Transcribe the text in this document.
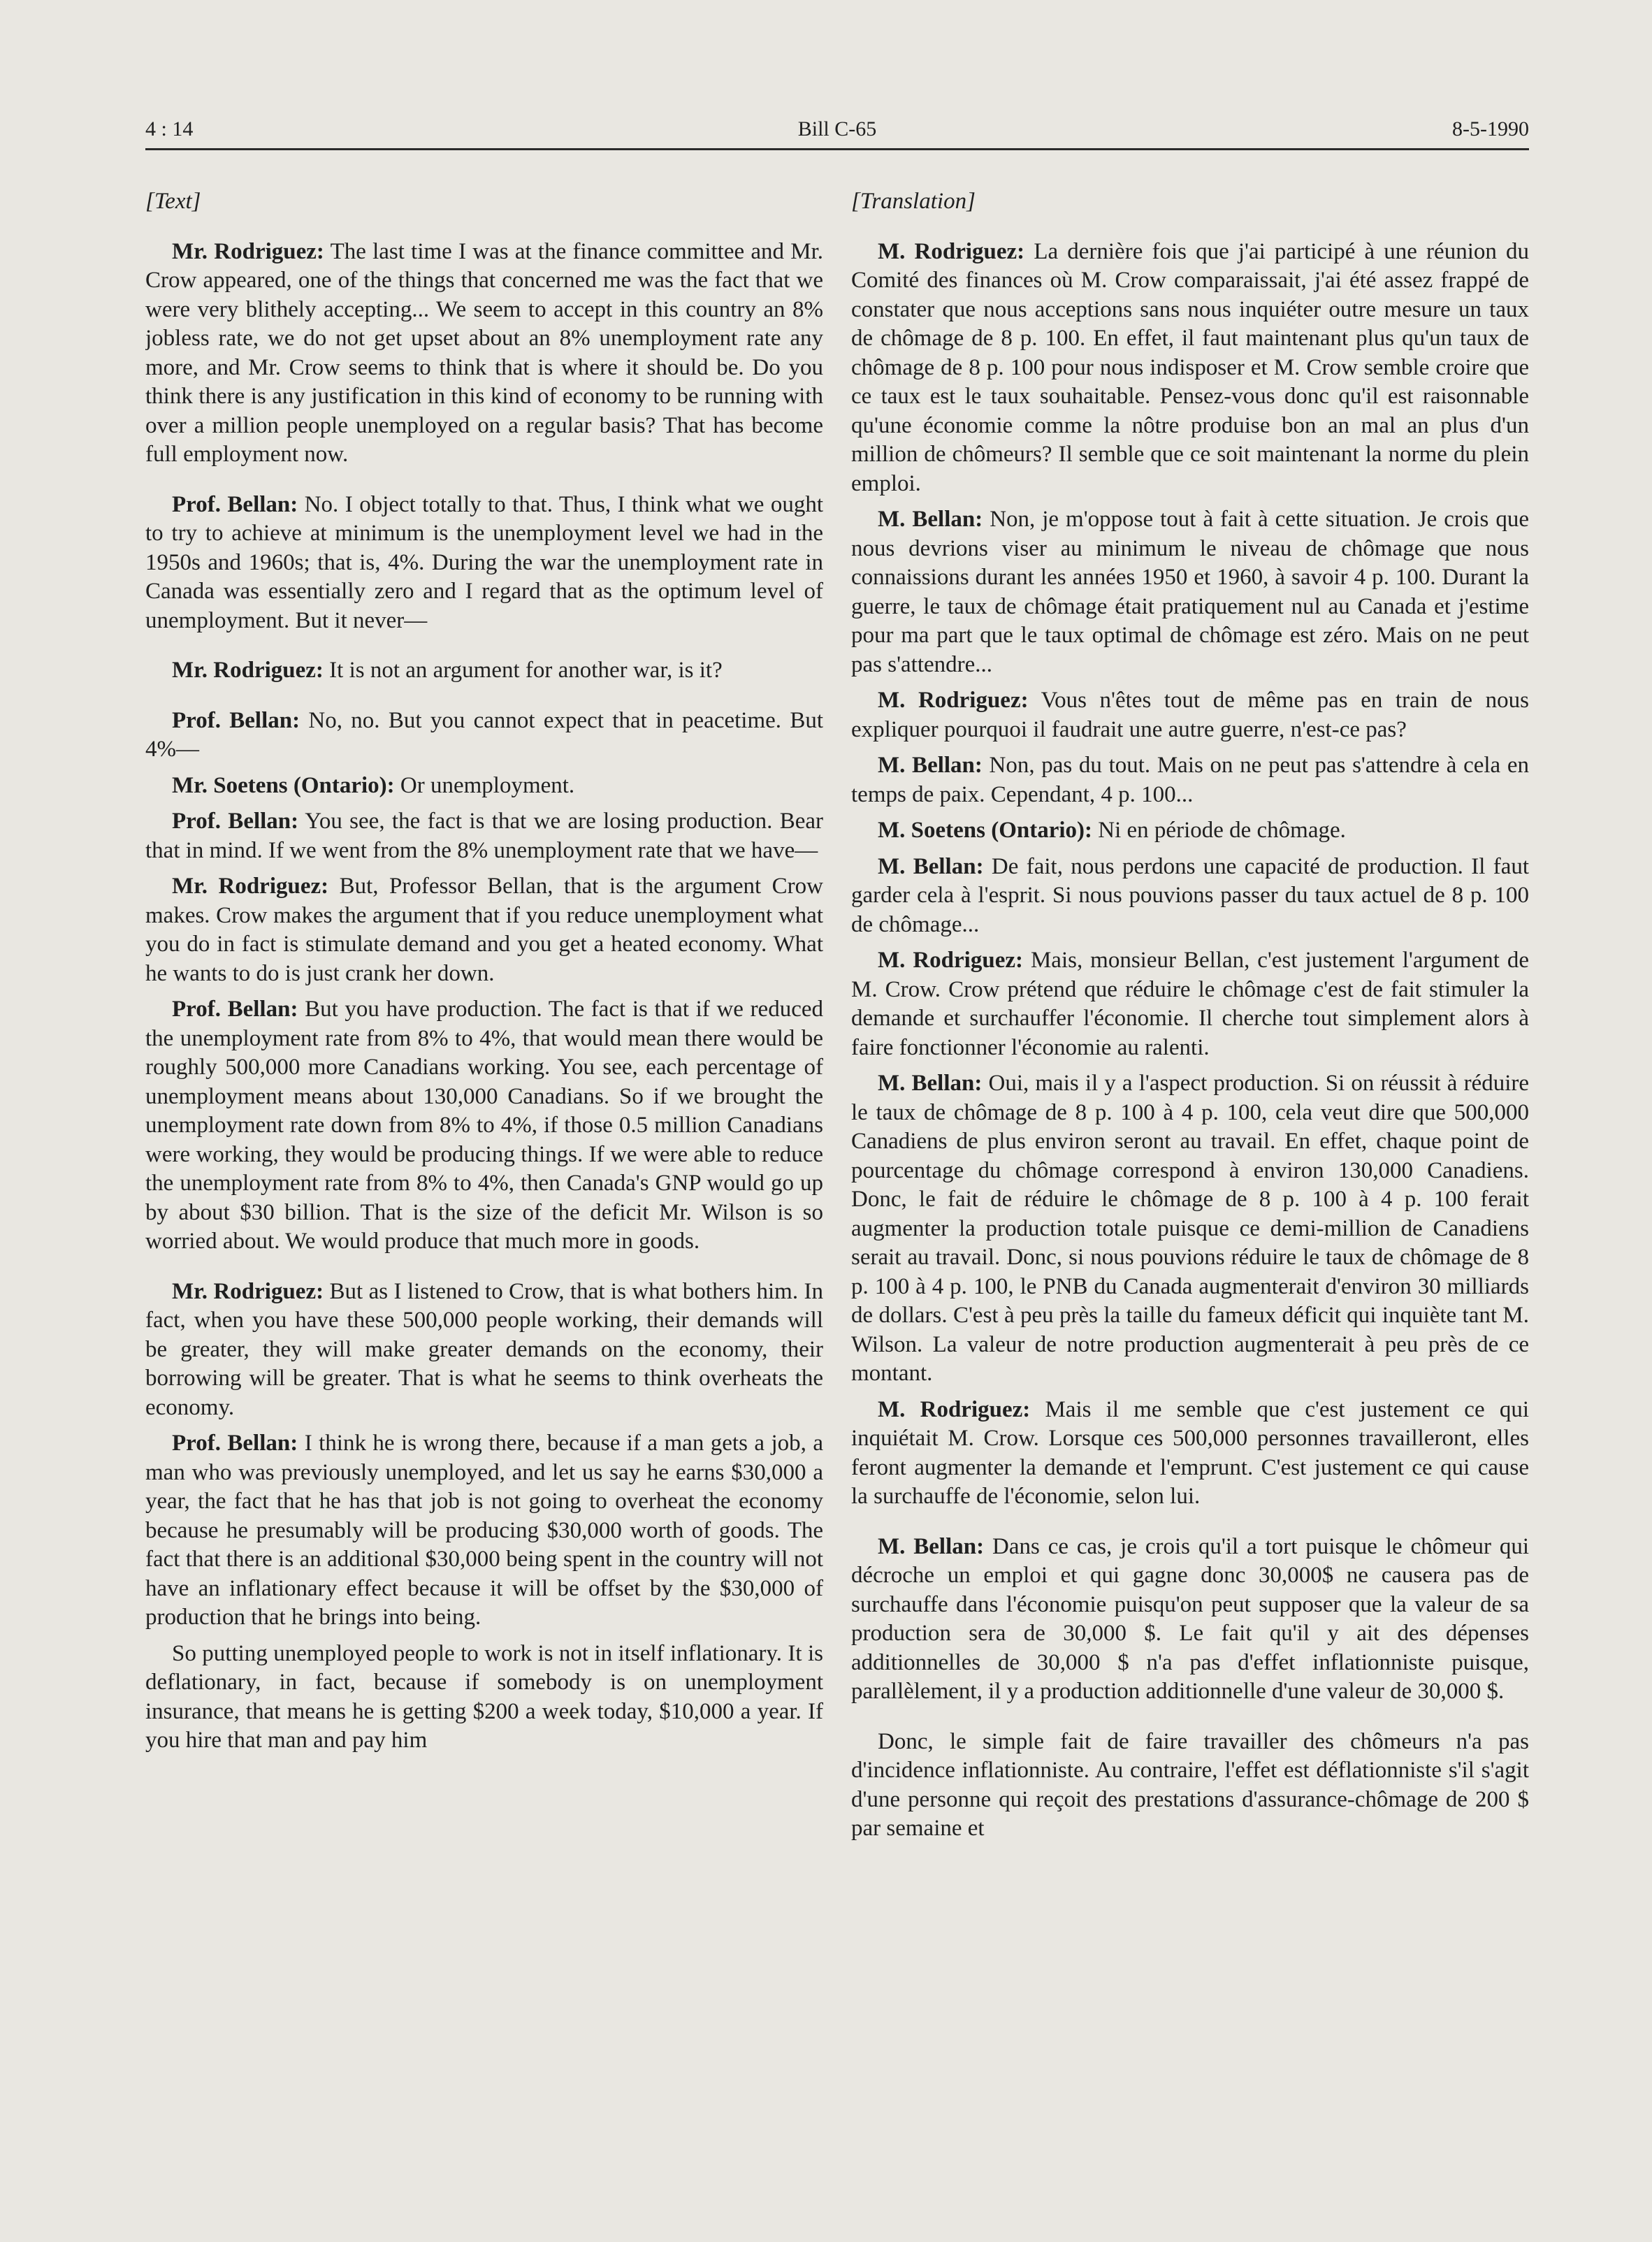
4 : 14	Bill C-65	8-5-1990
[Text]

Mr. Rodriguez: The last time I was at the finance committee and Mr. Crow appeared, one of the things that concerned me was the fact that we were very blithely accepting... We seem to accept in this country an 8% jobless rate, we do not get upset about an 8% unemployment rate any more, and Mr. Crow seems to think that is where it should be. Do you think there is any justification in this kind of economy to be running with over a million people unemployed on a regular basis? That has become full employment now.

Prof. Bellan: No. I object totally to that. Thus, I think what we ought to try to achieve at minimum is the unemployment level we had in the 1950s and 1960s; that is, 4%. During the war the unemployment rate in Canada was essentially zero and I regard that as the optimum level of unemployment. But it never—

Mr. Rodriguez: It is not an argument for another war, is it?

Prof. Bellan: No, no. But you cannot expect that in peacetime. But 4%—

Mr. Soetens (Ontario): Or unemployment.

Prof. Bellan: You see, the fact is that we are losing production. Bear that in mind. If we went from the 8% unemployment rate that we have—

Mr. Rodriguez: But, Professor Bellan, that is the argument Crow makes. Crow makes the argument that if you reduce unemployment what you do in fact is stimulate demand and you get a heated economy. What he wants to do is just crank her down.

Prof. Bellan: But you have production. The fact is that if we reduced the unemployment rate from 8% to 4%, that would mean there would be roughly 500,000 more Canadians working. You see, each percentage of unemployment means about 130,000 Canadians. So if we brought the unemployment rate down from 8% to 4%, if those 0.5 million Canadians were working, they would be producing things. If we were able to reduce the unemployment rate from 8% to 4%, then Canada's GNP would go up by about $30 billion. That is the size of the deficit Mr. Wilson is so worried about. We would produce that much more in goods.

Mr. Rodriguez: But as I listened to Crow, that is what bothers him. In fact, when you have these 500,000 people working, their demands will be greater, they will make greater demands on the economy, their borrowing will be greater. That is what he seems to think overheats the economy.

Prof. Bellan: I think he is wrong there, because if a man gets a job, a man who was previously unemployed, and let us say he earns $30,000 a year, the fact that he has that job is not going to overheat the economy because he presumably will be producing $30,000 worth of goods. The fact that there is an additional $30,000 being spent in the country will not have an inflationary effect because it will be offset by the $30,000 of production that he brings into being.

So putting unemployed people to work is not in itself inflationary. It is deflationary, in fact, because if somebody is on unemployment insurance, that means he is getting $200 a week today, $10,000 a year. If you hire that man and pay him

[Translation]

M. Rodriguez: La dernière fois que j'ai participé à une réunion du Comité des finances où M. Crow comparaissait, j'ai été assez frappé de constater que nous acceptions sans nous inquiéter outre mesure un taux de chômage de 8 p. 100. En effet, il faut maintenant plus qu'un taux de chômage de 8 p. 100 pour nous indisposer et M. Crow semble croire que ce taux est le taux souhaitable. Pensez-vous donc qu'il est raisonnable qu'une économie comme la nôtre produise bon an mal an plus d'un million de chômeurs? Il semble que ce soit maintenant la norme du plein emploi.

M. Bellan: Non, je m'oppose tout à fait à cette situation. Je crois que nous devrions viser au minimum le niveau de chômage que nous connaissions durant les années 1950 et 1960, à savoir 4 p. 100. Durant la guerre, le taux de chômage était pratiquement nul au Canada et j'estime pour ma part que le taux optimal de chômage est zéro. Mais on ne peut pas s'attendre...

M. Rodriguez: Vous n'êtes tout de même pas en train de nous expliquer pourquoi il faudrait une autre guerre, n'est-ce pas?

M. Bellan: Non, pas du tout. Mais on ne peut pas s'attendre à cela en temps de paix. Cependant, 4 p. 100...

M. Soetens (Ontario): Ni en période de chômage.

M. Bellan: De fait, nous perdons une capacité de production. Il faut garder cela à l'esprit. Si nous pouvions passer du taux actuel de 8 p. 100 de chômage...

M. Rodriguez: Mais, monsieur Bellan, c'est justement l'argument de M. Crow. Crow prétend que réduire le chômage c'est de fait stimuler la demande et surchauffer l'économie. Il cherche tout simplement alors à faire fonctionner l'économie au ralenti.

M. Bellan: Oui, mais il y a l'aspect production. Si on réussit à réduire le taux de chômage de 8 p. 100 à 4 p. 100, cela veut dire que 500,000 Canadiens de plus environ seront au travail. En effet, chaque point de pourcentage du chômage correspond à environ 130,000 Canadiens. Donc, le fait de réduire le chômage de 8 p. 100 à 4 p. 100 ferait augmenter la production totale puisque ce demi-million de Canadiens serait au travail. Donc, si nous pouvions réduire le taux de chômage de 8 p. 100 à 4 p. 100, le PNB du Canada augmenterait d'environ 30 milliards de dollars. C'est à peu près la taille du fameux déficit qui inquiète tant M. Wilson. La valeur de notre production augmenterait à peu près de ce montant.

M. Rodriguez: Mais il me semble que c'est justement ce qui inquiétait M. Crow. Lorsque ces 500,000 personnes travailleront, elles feront augmenter la demande et l'emprunt. C'est justement ce qui cause la surchauffe de l'économie, selon lui.

M. Bellan: Dans ce cas, je crois qu'il a tort puisque le chômeur qui décroche un emploi et qui gagne donc 30,000$ ne causera pas de surchauffe dans l'économie puisqu'on peut supposer que la valeur de sa production sera de 30,000 $. Le fait qu'il y ait des dépenses additionnelles de 30,000 $ n'a pas d'effet inflationniste puisque, parallèlement, il y a production additionnelle d'une valeur de 30,000 $.

Donc, le simple fait de faire travailler des chômeurs n'a pas d'incidence inflationniste. Au contraire, l'effet est déflationniste s'il s'agit d'une personne qui reçoit des prestations d'assurance-chômage de 200 $ par semaine et
